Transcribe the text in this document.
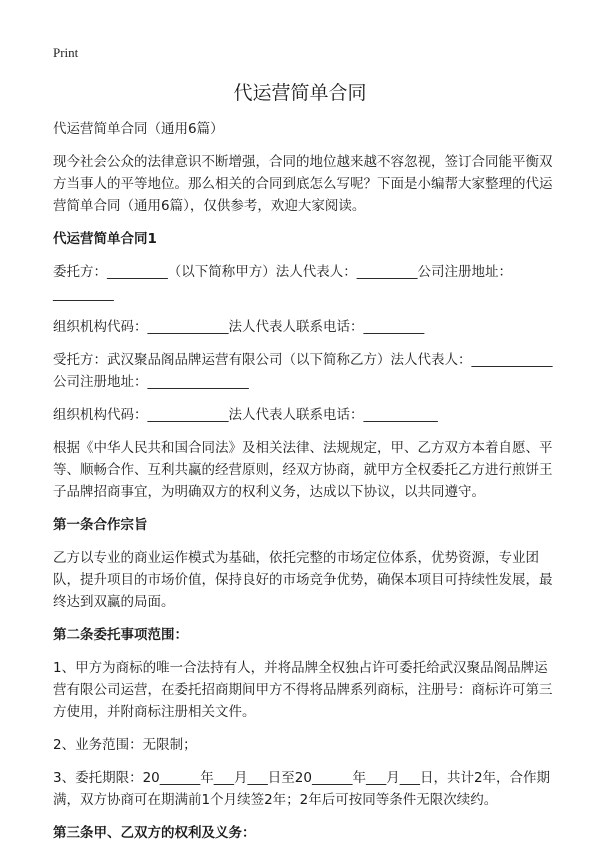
Print
代运营简单合同

代运营简单合同（通用6篇）

现今社会公众的法律意识不断增强，合同的地位越来越不容忽视，签订合同能平衡双方当事人的平等地位。那么相关的合同到底怎么写呢？下面是小编帮大家整理的代运营简单合同（通用6篇），仅供参考，欢迎大家阅读。

代运营简单合同1

委托方：_________（以下简称甲方）法人代表人：_________公司注册地址：_________

组织机构代码：____________法人代表人联系电话：_________

受托方：武汉聚品阁品牌运营有限公司（以下简称乙方）法人代表人：____________公司注册地址：_______________

组织机构代码：____________法人代表人联系电话：___________

根据《中华人民共和国合同法》及相关法律、法规规定，甲、乙方双方本着自愿、平等、顺畅合作、互利共赢的经营原则，经双方协商，就甲方全权委托乙方进行煎饼王子品牌招商事宜，为明确双方的权利义务，达成以下协议，以共同遵守。

第一条合作宗旨

乙方以专业的商业运作模式为基础，依托完整的市场定位体系，优势资源，专业团队，提升项目的市场价值，保持良好的市场竞争优势，确保本项目可持续性发展，最终达到双赢的局面。

第二条委托事项范围：

1、甲方为商标的唯一合法持有人，并将品牌全权独占许可委托给武汉聚品阁品牌运营有限公司运营，在委托招商期间甲方不得将品牌系列商标，注册号：商标许可第三方使用，并附商标注册相关文件。

2、业务范围：无限制；

3、委托期限：20______年___月___日至20______年___月___日，共计2年，合作期满，双方协商可在期满前1个月续签2年；2年后可按同等条件无限次续约。

第三条甲、乙双方的权利及义务：
